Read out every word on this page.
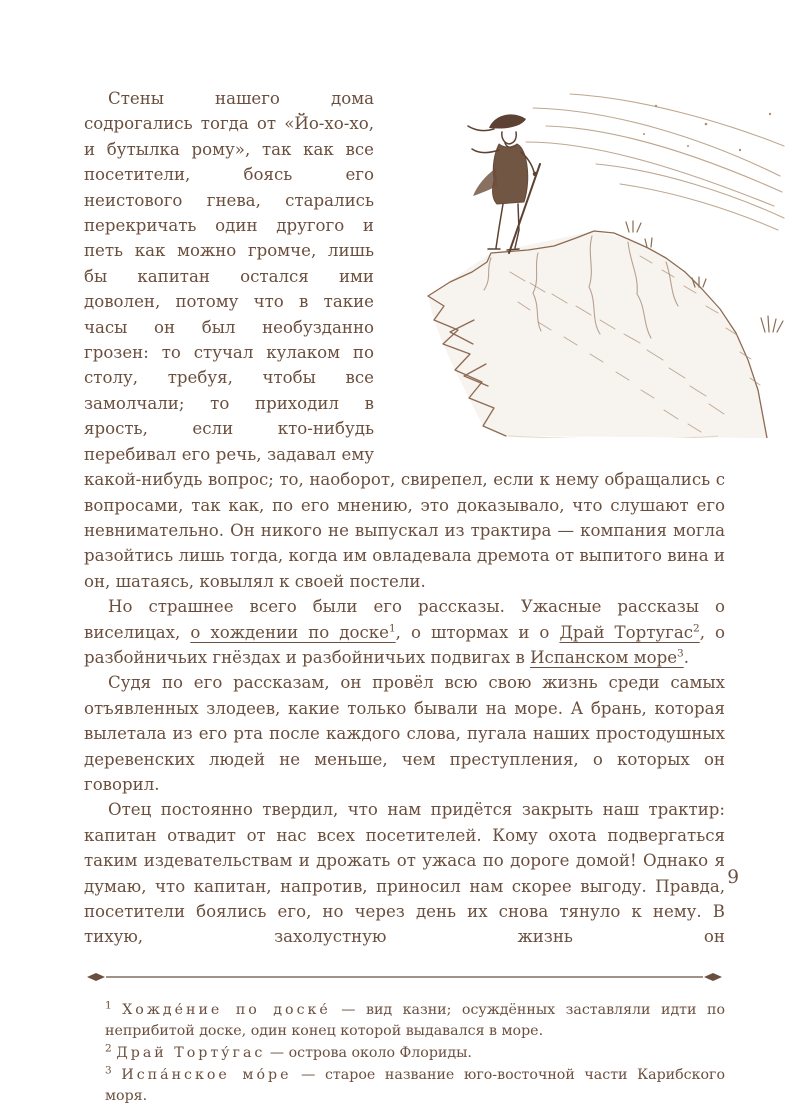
Стены нашего дома содрогались тогда от «Йо-хо-хо, и бутылка рому», так как все посетители, боясь его неистового гнева, старались перекричать один другого и петь как можно громче, лишь бы капитан остался ими доволен, потому что в такие часы он был необузданно грозен: то стучал кулаком по столу, требуя, чтобы все замолчали; то приходил в ярость, если кто-нибудь перебивал его речь, задавал ему какой-нибудь вопрос; то, наоборот, свирепел, если к нему обращались с вопросами, так как, по его мнению, это доказывало, что слушают его невнимательно. Он никого не выпускал из трактира — компания могла разойтись лишь тогда, когда им овладевала дремота от выпитого вина и он, шатаясь, ковылял к своей постели.

Но страшнее всего были его рассказы. Ужасные рассказы о виселицах, о хождении по доске$^1$, о штормах и о Драй Тортугас$^2$, о разбойничьих гнёздах и разбойничьих подвигах в Испанском море$^3$.

Судя по его рассказам, он провёл всю свою жизнь среди самых отъявленных злодеев, какие только бывали на море. А брань, которая вылетала из его рта после каждого слова, пугала наших простодушных деревенских людей не меньше, чем преступления, о которых он говорил.

Отец постоянно твердил, что нам придётся закрыть наш трактир: капитан отвадит от нас всех посетителей. Кому охота подвергаться таким издевательствам и дрожать от ужаса по дороге домой! Однако я думаю, что капитан, напротив, приносил нам скорее выгоду. Правда, посетители боялись его, но через день их снова тянуло к нему. В тихую, захолустную жизнь он

$^1$ Хожде́ние по доске́ — вид казни; осуждённых заставляли идти по неприбитой доске, один конец которой выдавался в море.

$^2$ Драй Торту́гас — острова около Флориды.

$^3$ Испа́нское мо́ре — старое название юго-восточной части Карибского моря.

9
